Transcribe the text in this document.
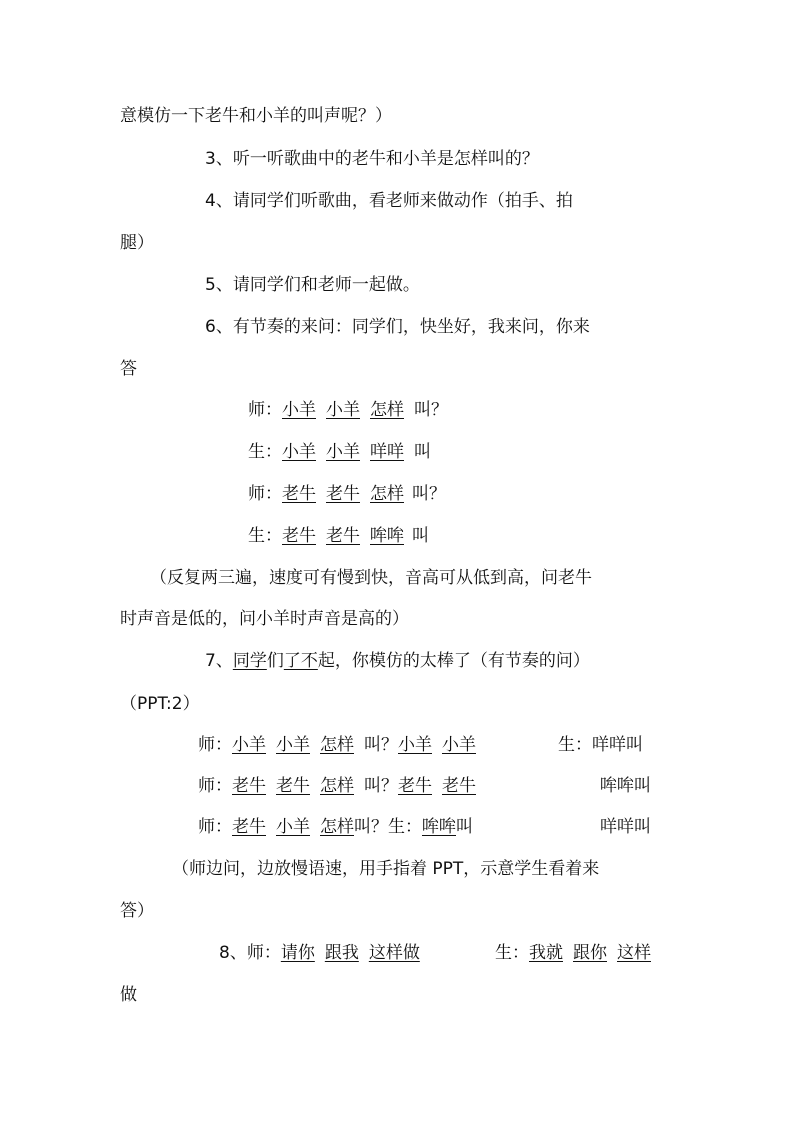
意模仿一下老牛和小羊的叫声呢？）
3、听一听歌曲中的老牛和小羊是怎样叫的？
4、请同学们听歌曲，看老师来做动作（拍手、拍
腿）
5、请同学们和老师一起做。
6、有节奏的来问：同学们，快坐好，我来问，你来
答
师：小羊 小羊 怎样 叫？
生：小羊 小羊 咩咩 叫
师：老牛 老牛 怎样 叫？
生：老牛 老牛 哞哞 叫
（反复两三遍，速度可有慢到快，音高可从低到高，问老牛
时声音是低的，问小羊时声音是高的）
7、同学们了不起，你模仿的太棒了（有节奏的问）
（PPT:2）
师：小羊 小羊 怎样 叫？小羊 小羊	生：咩咩叫
师：老牛 老牛 怎样 叫？老牛 老牛	哞哞叫
师：老牛 小羊 怎样叫？生：哞哞叫	咩咩叫
（师边问，边放慢语速，用手指着 PPT，示意学生看着来
答）
8、师：请你 跟我 这样做	生：我就 跟你 这样
做
